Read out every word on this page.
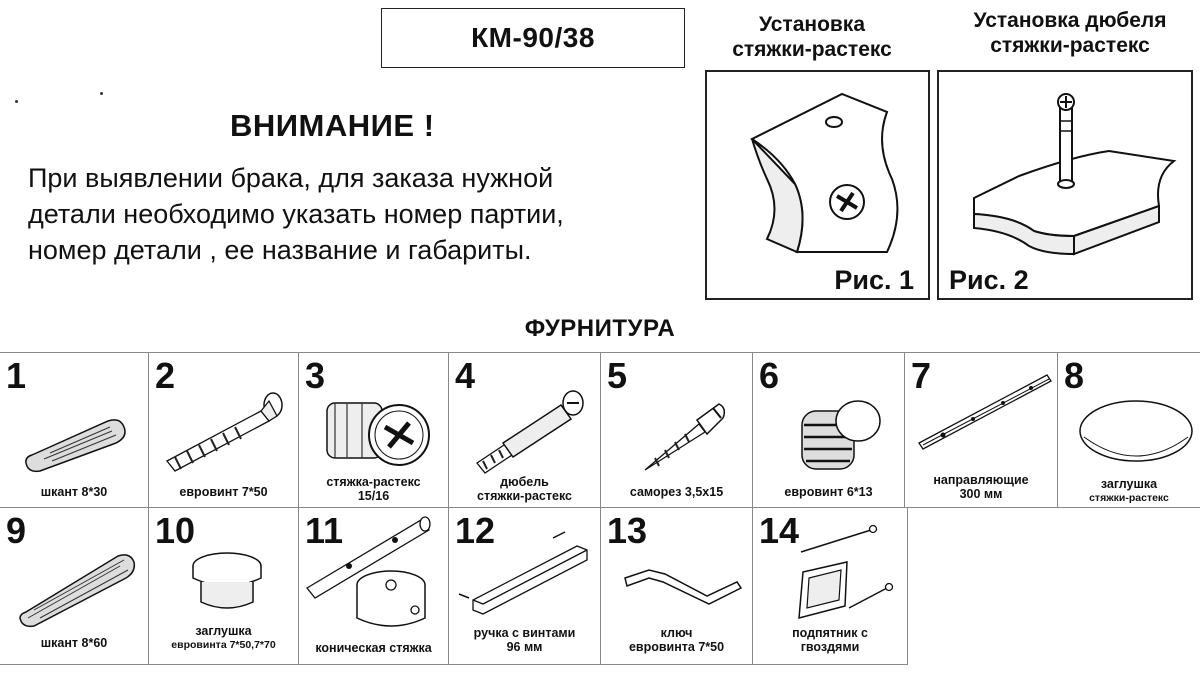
КМ-90/38	Установка
стяжки-растекс
Рис. 1
Установка дюбеля
стяжки-растекс
Рис. 2
ВНИМАНИЕ !
При выявлении брака, для заказа нужной
детали необходимо указать номер партии,
номер детали , ее название и габариты.
ФУРНИТУРА
1
шкант 8*30
2
евровинт 7*50
3
стяжка-растекс
15/16
4
дюбель
стяжки-растекс
5
саморез 3,5х15
6
евровинт 6*13
7
направляющие
300 мм
8
заглушка
стяжки-растекс
9
шкант 8*60
10
заглушка
евровинта 7*50,7*70
11
коническая стяжка
12
ручка с винтами
96 мм
13
ключ
евровинта 7*50
14
подпятник с
гвоздями
